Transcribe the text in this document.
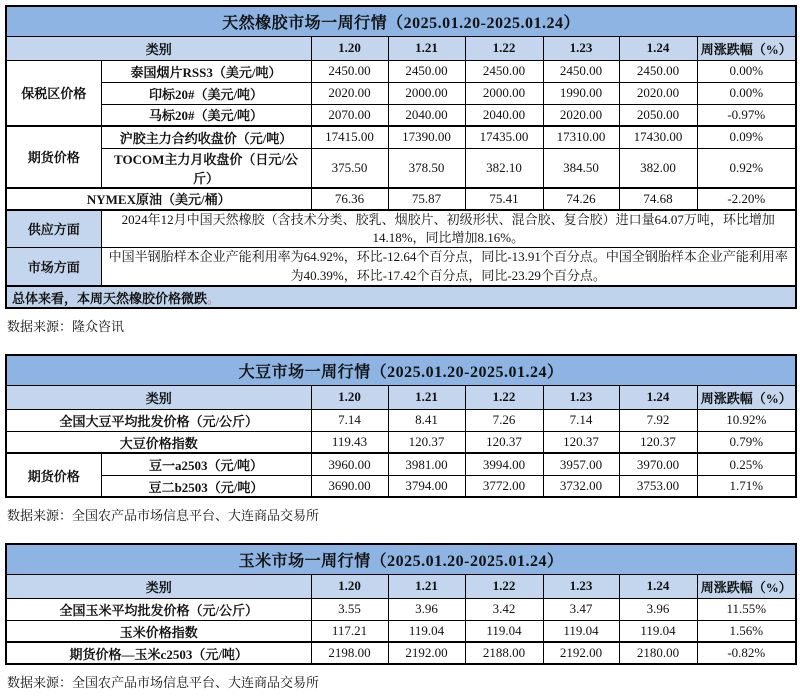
天然橡胶市场一周行情（2025.01.20-2025.01.24）							
类别		1.20	1.21	1.22	1.23	1.24	周涨跌幅（%）
保税区价格	泰国烟片RSS3（美元/吨）	2450.00	2450.00	2450.00	2450.00	2450.00	0.00%
	印标20#（美元/吨）	2020.00	2000.00	2000.00	1990.00	2020.00	0.00%
	马标20#（美元/吨）	2070.00	2040.00	2040.00	2020.00	2050.00	-0.97%
期货价格	沪胶主力合约收盘价（元/吨）	17415.00	17390.00	17435.00	17310.00	17430.00	0.09%
	TOCOM主力月收盘价（日元/公斤）	375.50	378.50	382.10	384.50	382.00	0.92%
NYMEX原油（美元/桶）		76.36	75.87	75.41	74.26	74.68	-2.20%
供应方面	2024年12月中国天然橡胶（含技术分类、胶乳、烟胶片、初级形状、混合胶、复合胶）进口量64.07万吨，环比增加14.18%，同比增加8.16%。						
市场方面	中国半钢胎样本企业产能利用率为64.92%，环比-12.64个百分点，同比-13.91个百分点。中国全钢胎样本企业产能利用率为40.39%，环比-17.42个百分点，同比-23.29个百分点。						
总体来看，本周天然橡胶价格微跌。							

数据来源：隆众咨讯

大豆市场一周行情（2025.01.20-2025.01.24）							
类别		1.20	1.21	1.22	1.23	1.24	周涨跌幅（%）
全国大豆平均批发价格（元/公斤）		7.14	8.41	7.26	7.14	7.92	10.92%
大豆价格指数		119.43	120.37	120.37	120.37	120.37	0.79%
期货价格	豆一a2503（元/吨）	3960.00	3981.00	3994.00	3957.00	3970.00	0.25%
	豆二b2503（元/吨）	3690.00	3794.00	3772.00	3732.00	3753.00	1.71%

数据来源：全国农产品市场信息平台、大连商品交易所

玉米市场一周行情（2025.01.20-2025.01.24）						
类别	1.20	1.21	1.22	1.23	1.24	周涨跌幅（%）
全国玉米平均批发价格（元/公斤）	3.55	3.96	3.42	3.47	3.96	11.55%
玉米价格指数	117.21	119.04	119.04	119.04	119.04	1.56%
期货价格—玉米c2503（元/吨）	2198.00	2192.00	2188.00	2192.00	2180.00	-0.82%

数据来源：全国农产品市场信息平台、大连商品交易所
